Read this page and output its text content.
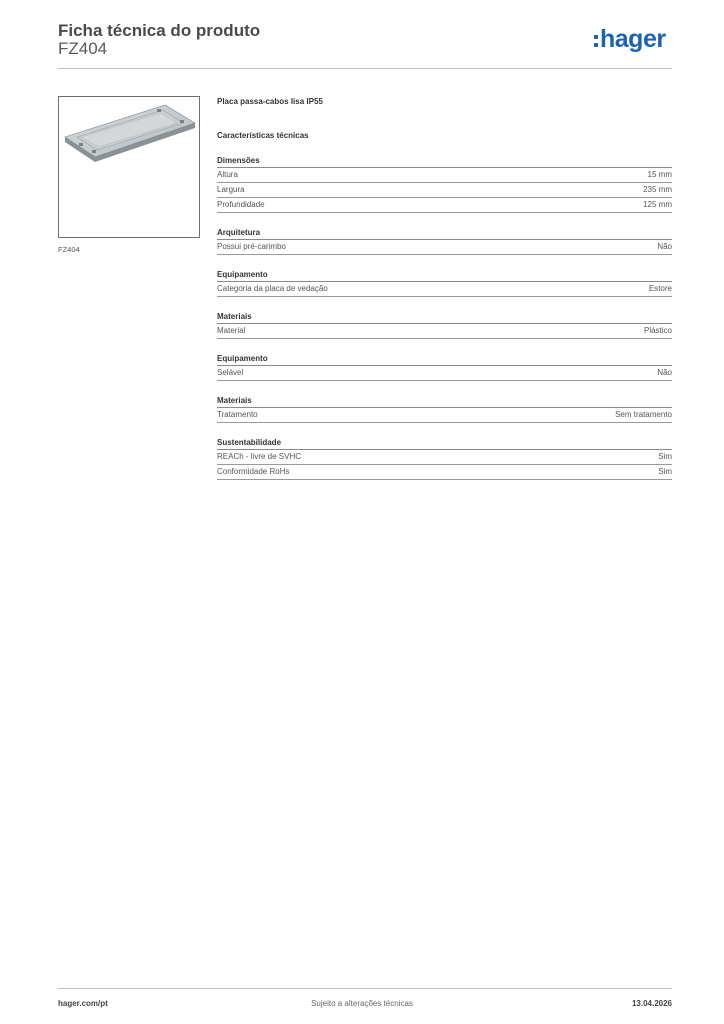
Ficha técnica do produto
FZ404	hager
FZ404
Placa passa-cabos lisa IP55
Características técnicas
Dimensões
Altura	15 mm
Largura	235 mm
Profundidade	125 mm
Arquitetura
Possui pré-carimbo	Não
Equipamento
Categoria da placa de vedação	Estore
Materiais
Material	Plástico
Equipamento
Selável	Não
Materiais
Tratamento	Sem tratamento
Sustentabilidade
REACh - livre de SVHC	Sim
Conformidade RoHs	Sim
hager.com/pt	Sujeito a alterações técnicas	13.04.2026
